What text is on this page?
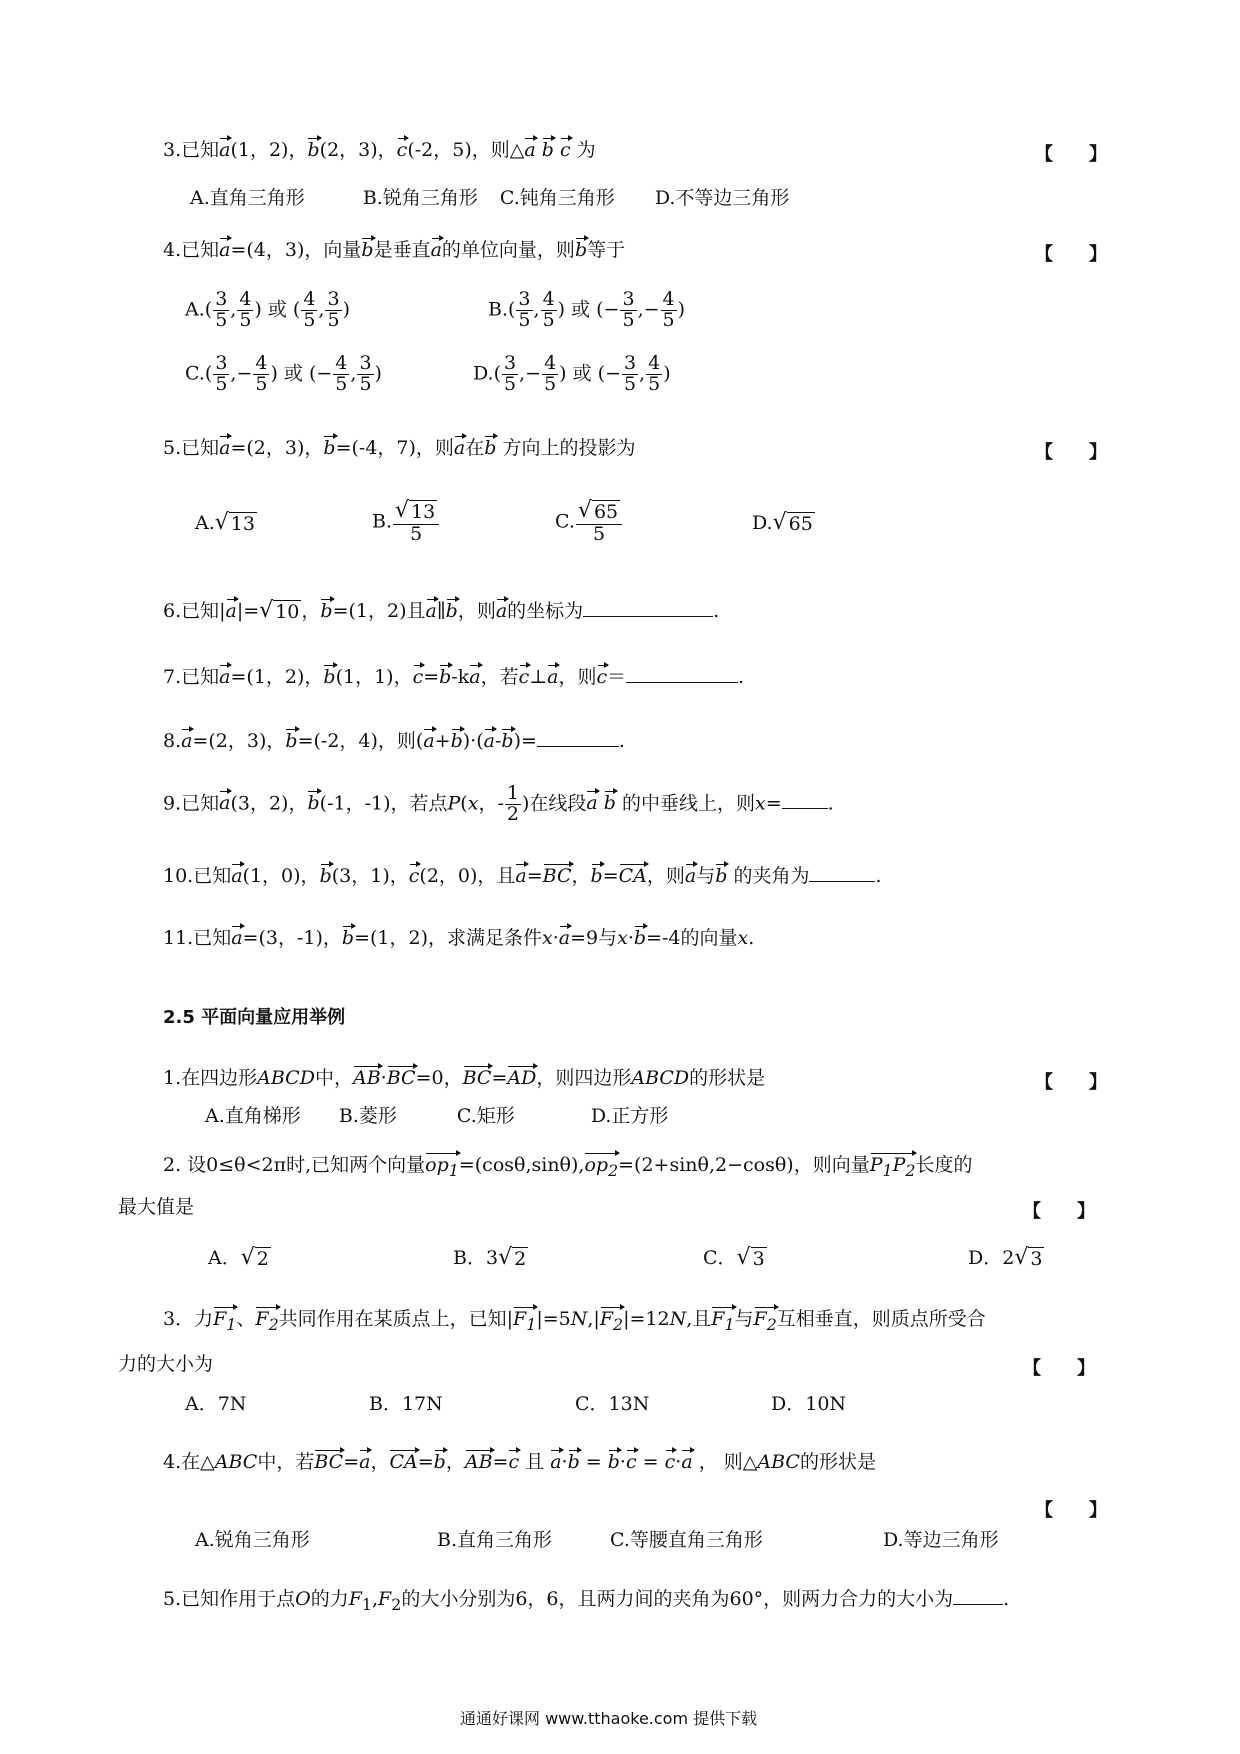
3.已知a(1，2)，b(2，3)，c(-2，5)，则△a b c 为	【　　】
A.直角三角形	B.锐角三角形 C.钝角三角形 D.不等边三角形
4.已知a=(4，3)，向量b是垂直a的单位向量，则b等于	【　　】
$A.( \frac{3}{5}$ , $\frac{4}{5}$ ) 或 ( $\frac{4}{5}$ , $\frac{3}{5}$ )	$B.( \frac{3}{5}$ , $\frac{4}{5}$ ) 或 (− $\frac{3}{5}$ ,− $\frac{4}{5}$ )
$C.( \frac{3}{5}$ ,− $\frac{4}{5}$ ) 或 (− $\frac{4}{5}$ , $\frac{3}{5}$ )	$D.( \frac{3}{5}$ ,− $\frac{4}{5}$ ) 或 (− $\frac{3}{5}$ , $\frac{4}{5}$ )
5.已知a=(2，3)，b=(-4，7)，则a在b 方向上的投影为	【　　】
A. √ 13	B. $\frac{√ 13}{5}$	C. $\frac{√ 65}{5}$	D. √ 65
6.已知|a|= √ 10 ，b=(1，2)且a∥b，则a的坐标为	.
7.已知a=(1，2)，b(1，1)，c=b-ka，若c⊥a，则c＝	.
8.a=(2，3)，b=(-2，4)，则(a+b)·(a-b)=	.
9.已知a(3，2)，b(-1，-1)，若点P(x，- $\frac{1}{2}$ )在线段a b 的中垂线上，则x= .
10.已知a(1，0)，b(3，1)，c(2，0)，且a=BC，b=CA，则a与b 的夹角为	.
11.已知a=(3，-1)，b=(1，2)，求满足条件x·a=9与x·b=-4的向量x.
2.5 平面向量应用举例
1.在四边形ABCD中，AB·BC=0，BC=AD，则四边形ABCD的形状是	【　　】
A.直角梯形 B.菱形	C.矩形	D.正方形
2. 设0≤θ<2π时,已知两个向量$op_1=(\cos\theta,\sin\theta),op_2=(2+\sin\theta,2-\cos\theta)$，则向量$P_1P_2$长度的
最大值是	【　　】
A． √ 2	B．3 √ 2	C． √ 3	D．2 √ 3
3．力$F_1$、$F_2$共同作用在某质点上，已知$|F_1|=5N,|F_2|=12N$,且$F_1$与$F_2$互相垂直，则质点所受合
力的大小为	【　　】
A．7N	B．17N	C．13N	D．10N
4.在△ABC中，若BC=a，CA=b，AB=c 且 a·b = b·c = c·a ， 则△ABC的形状是
【　　】
A.锐角三角形	B.直角三角形	C.等腰直角三角形	D.等边三角形
5.已知作用于点O的力$F_1,F_2$的大小分别为6，6，且两力间的夹角为60°，则两力合力的大小为	.
通通好课网 www.tthaoke.com 提供下载
